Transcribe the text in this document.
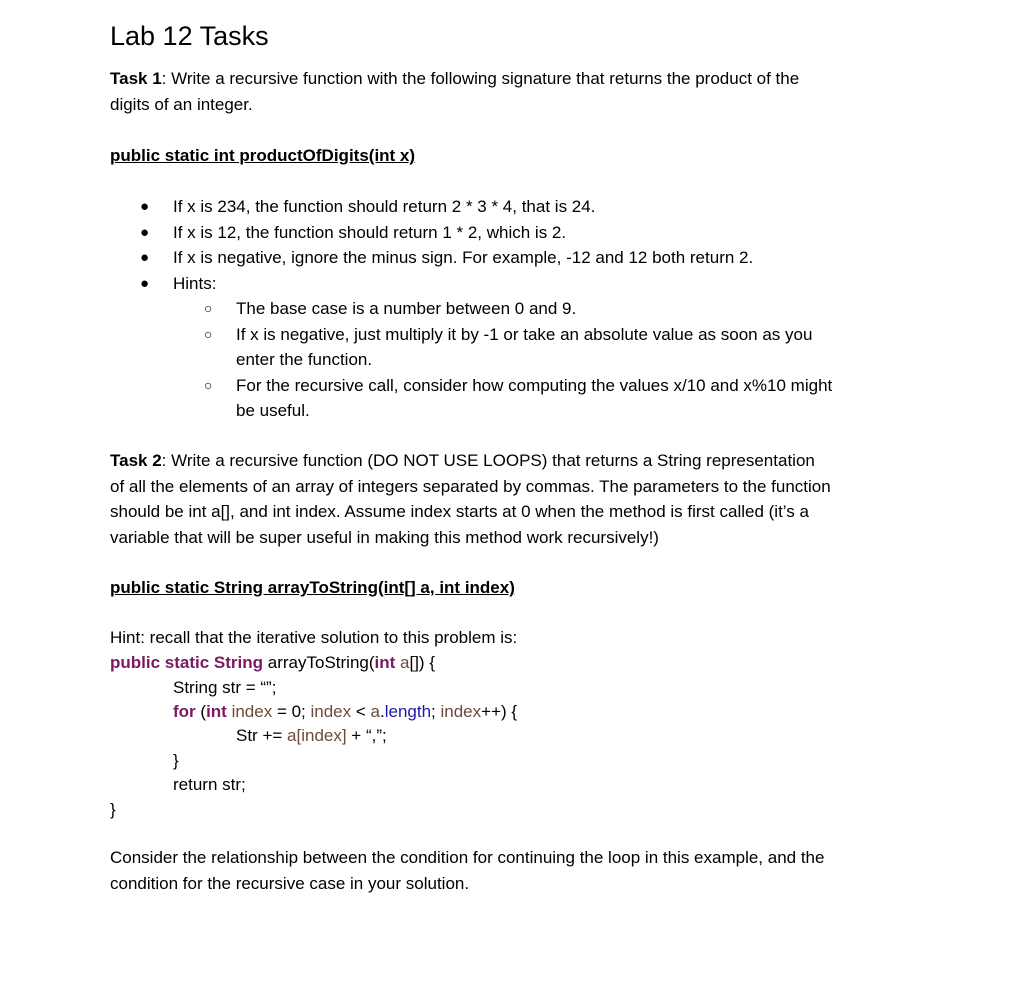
Lab 12 Tasks

Task 1: Write a recursive function with the following signature that returns the product of the
digits of an integer.

public static int productOfDigits(int x)

● If x is 234, the function should return 2 * 3 * 4, that is 24.
● If x is 12, the function should return 1 * 2, which is 2.
● If x is negative, ignore the minus sign. For example, -12 and 12 both return 2.
● Hints:
○ The base case is a number between 0 and 9.
○ If x is negative, just multiply it by -1 or take an absolute value as soon as you
enter the function.
○ For the recursive call, consider how computing the values x/10 and x%10 might
be useful.

Task 2: Write a recursive function (DO NOT USE LOOPS) that returns a String representation
of all the elements of an array of integers separated by commas. The parameters to the function
should be int a[], and int index. Assume index starts at 0 when the method is first called (it’s a
variable that will be super useful in making this method work recursively!)

public static String arrayToString(int[] a, int index)

Hint: recall that the iterative solution to this problem is:
public static String arrayToString(int a[]) {
String str = “”;
for (int index = 0; index < a.length; index++) {
Str += a[index] + “,”;
}
return str;
}

Consider the relationship between the condition for continuing the loop in this example, and the
condition for the recursive case in your solution.
